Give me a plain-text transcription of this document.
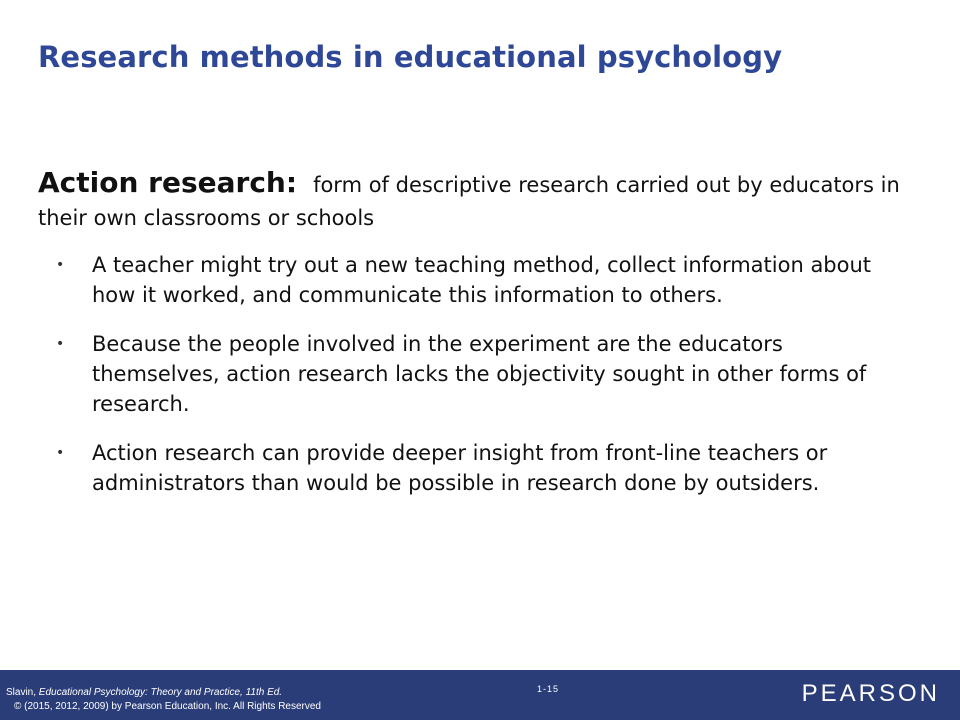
Research methods in educational psychology
Action research: form of descriptive research carried out by educators in their own classrooms or schools
• A teacher might try out a new teaching method, collect information about how it worked, and communicate this information to others.
• Because the people involved in the experiment are the educators themselves, action research lacks the objectivity sought in other forms of research.
• Action research can provide deeper insight from front-line teachers or administrators than would be possible in research done by outsiders.
Slavin, Educational Psychology: Theory and Practice, 11th Ed.
© (2015, 2012, 2009) by Pearson Education, Inc. All Rights Reserved
1-15	PEARSON
